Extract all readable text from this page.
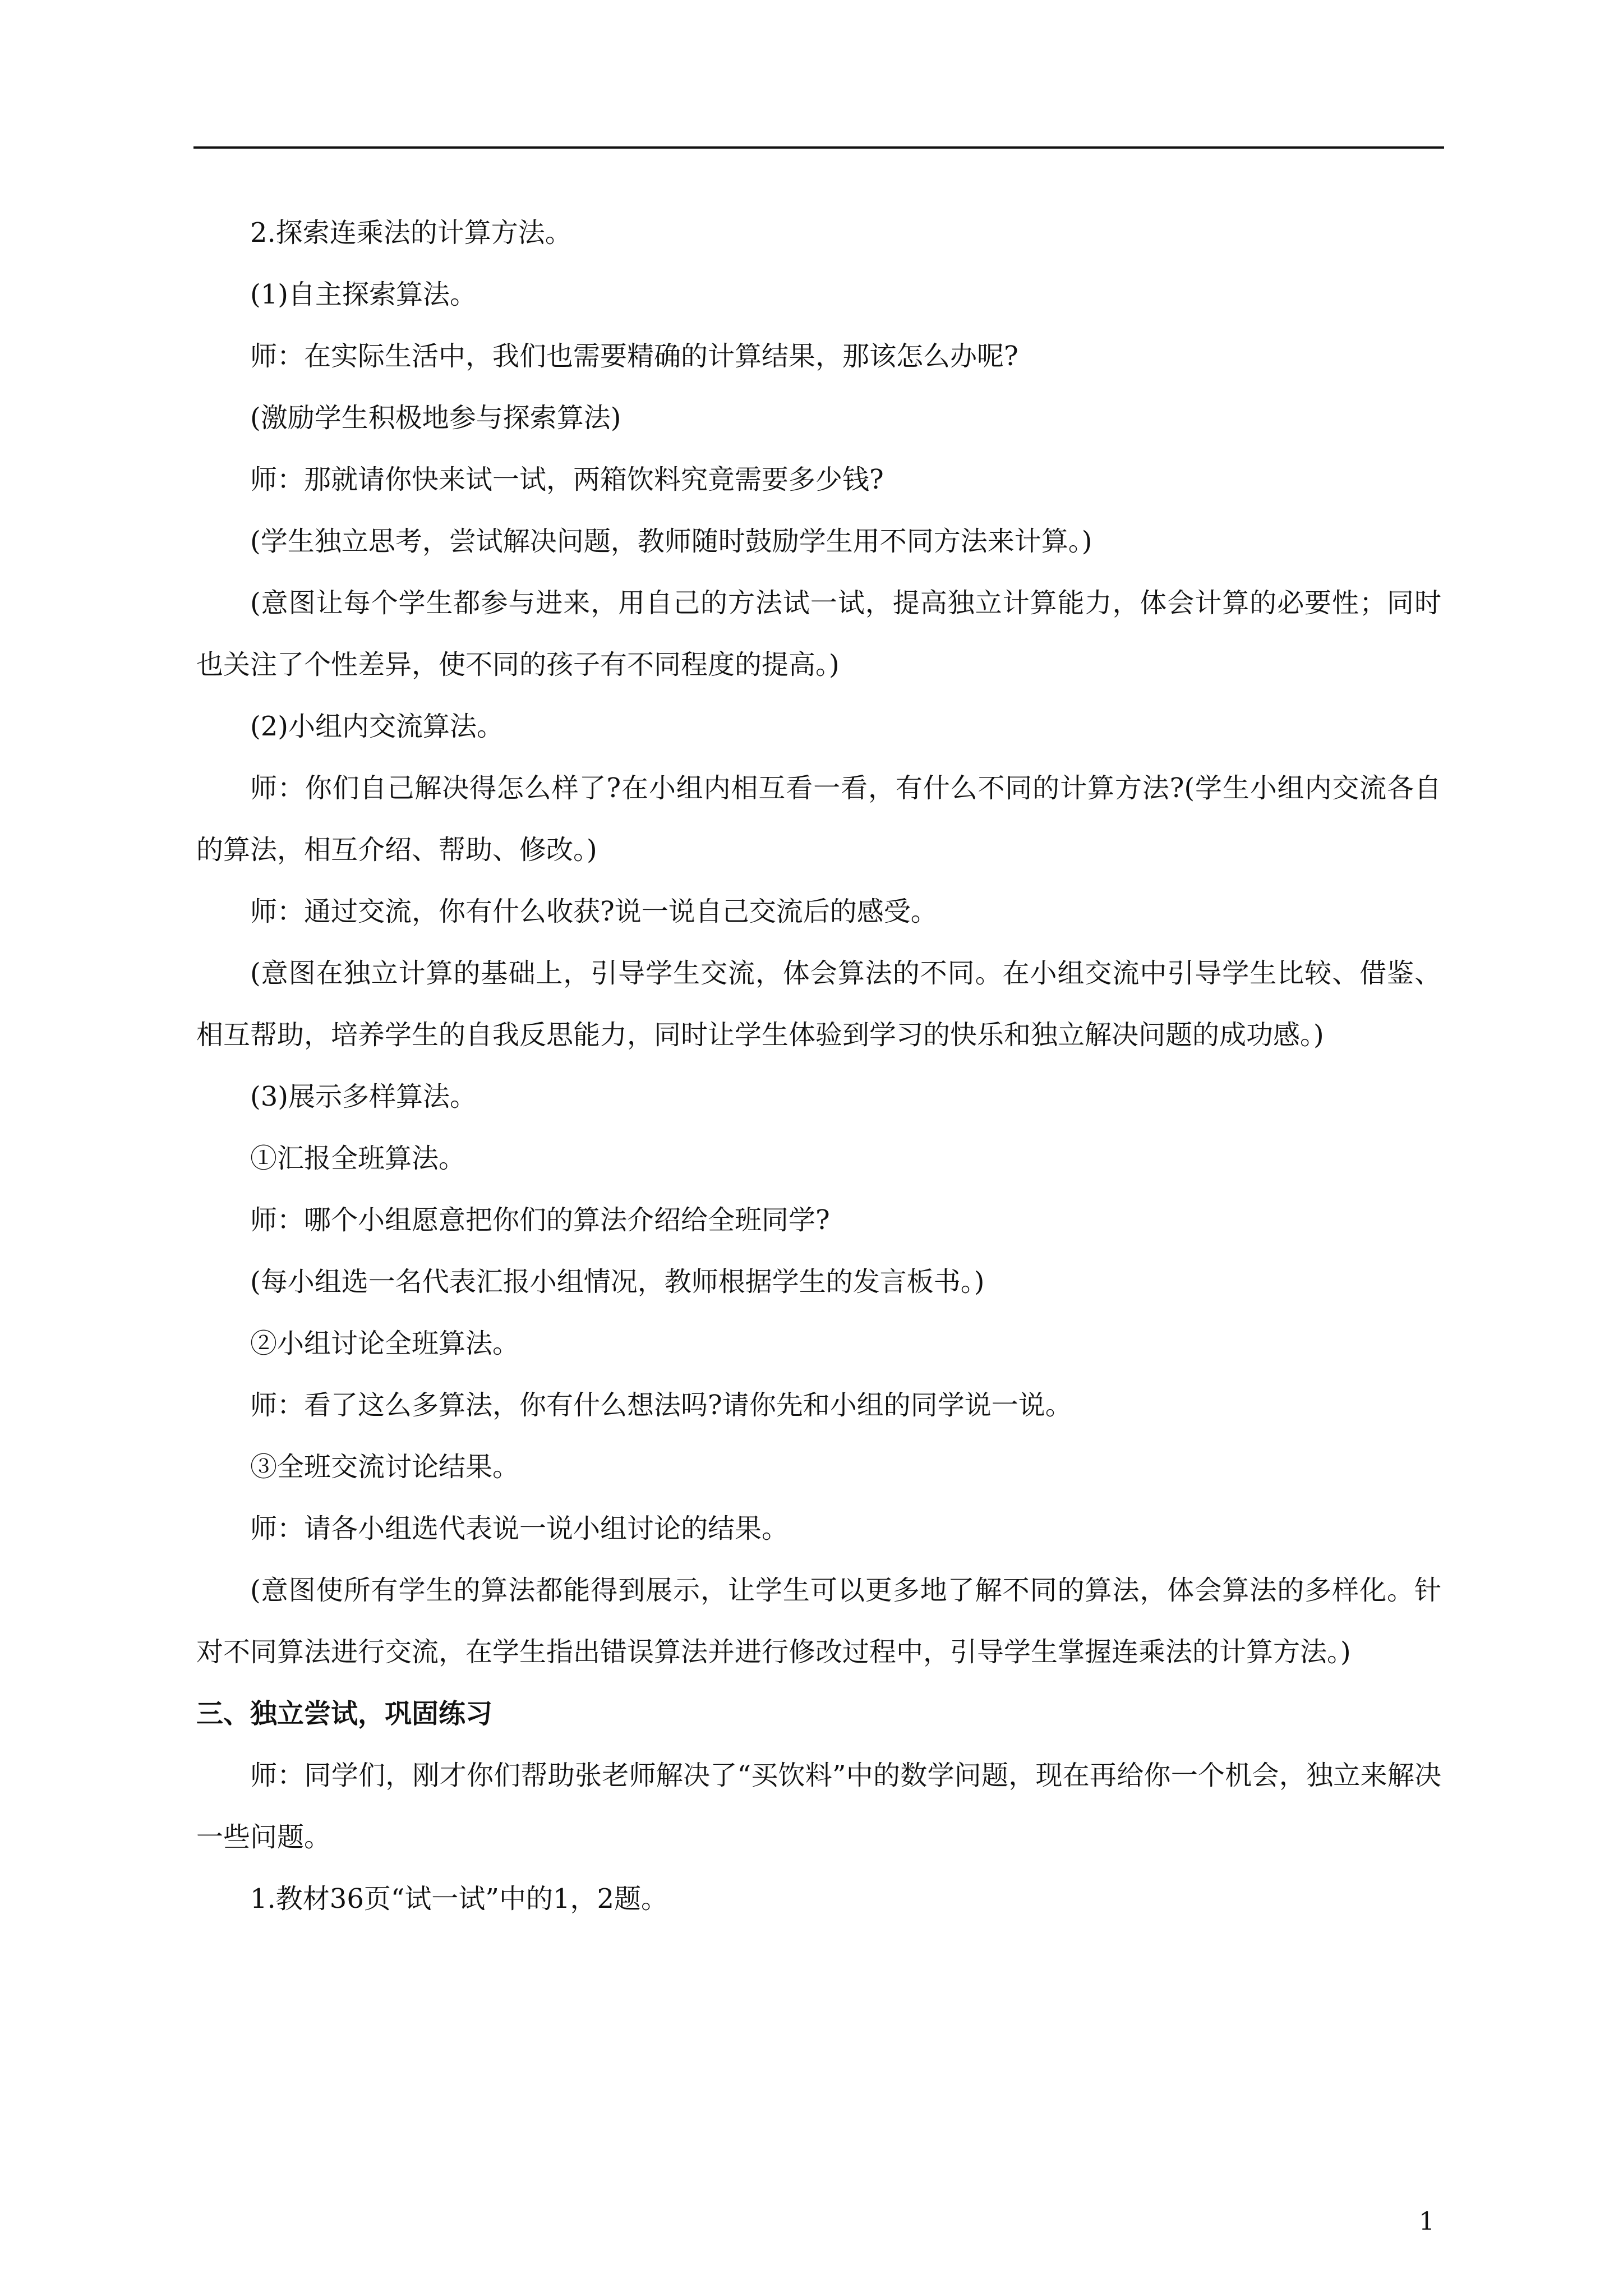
2.探索连乘法的计算方法。

(1)自主探索算法。

师：在实际生活中，我们也需要精确的计算结果，那该怎么办呢?

(激励学生积极地参与探索算法)

师：那就请你快来试一试，两箱饮料究竟需要多少钱?

(学生独立思考，尝试解决问题，教师随时鼓励学生用不同方法来计算。)

(意图让每个学生都参与进来，用自己的方法试一试，提高独立计算能力，体会计算的必要性；同时也关注了个性差异，使不同的孩子有不同程度的提高。)

(2)小组内交流算法。

师：你们自己解决得怎么样了?在小组内相互看一看，有什么不同的计算方法?(学生小组内交流各自的算法，相互介绍、帮助、修改。)

师：通过交流，你有什么收获?说一说自己交流后的感受。

(意图在独立计算的基础上，引导学生交流，体会算法的不同。在小组交流中引导学生比较、借鉴、相互帮助，培养学生的自我反思能力，同时让学生体验到学习的快乐和独立解决问题的成功感。)

(3)展示多样算法。

①汇报全班算法。

师：哪个小组愿意把你们的算法介绍给全班同学?

(每小组选一名代表汇报小组情况，教师根据学生的发言板书。)

②小组讨论全班算法。

师：看了这么多算法，你有什么想法吗?请你先和小组的同学说一说。

③全班交流讨论结果。

师：请各小组选代表说一说小组讨论的结果。

(意图使所有学生的算法都能得到展示，让学生可以更多地了解不同的算法，体会算法的多样化。针对不同算法进行交流，在学生指出错误算法并进行修改过程中，引导学生掌握连乘法的计算方法。)

三、独立尝试，巩固练习

师：同学们，刚才你们帮助张老师解决了“买饮料”中的数学问题，现在再给你一个机会，独立来解决一些问题。

1.教材36页“试一试”中的1，2题。

1
